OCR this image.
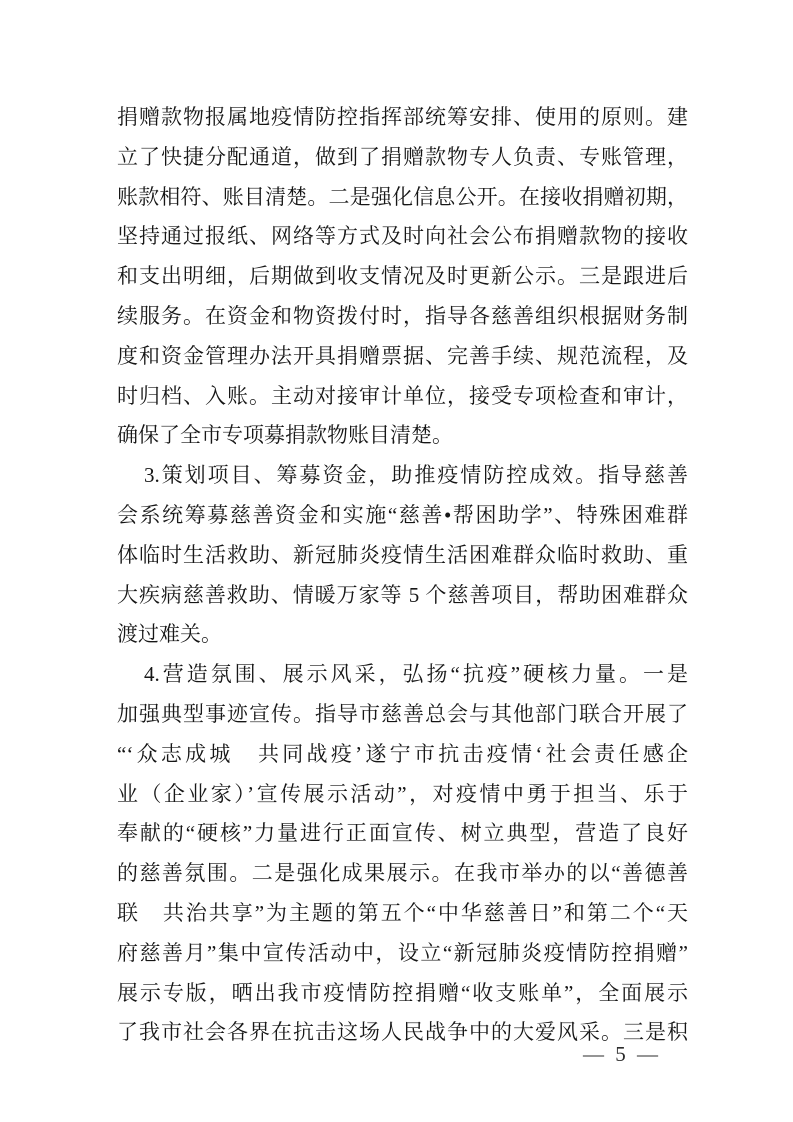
捐赠款物报属地疫情防控指挥部统筹安排、使用的原则。建
立了快捷分配通道，做到了捐赠款物专人负责、专账管理，
账款相符、账目清楚。二是强化信息公开。在接收捐赠初期，
坚持通过报纸、网络等方式及时向社会公布捐赠款物的接收
和支出明细，后期做到收支情况及时更新公示。三是跟进后
续服务。在资金和物资拨付时，指导各慈善组织根据财务制
度和资金管理办法开具捐赠票据、完善手续、规范流程，及
时归档、入账。主动对接审计单位，接受专项检查和审计，
确保了全市专项募捐款物账目清楚。
3.策划项目、筹募资金，助推疫情防控成效。指导慈善
会系统筹募慈善资金和实施“慈善•帮困助学”、特殊困难群
体临时生活救助、新冠肺炎疫情生活困难群众临时救助、重
大疾病慈善救助、情暖万家等 5 个慈善项目，帮助困难群众
渡过难关。
4.营造氛围、展示风采，弘扬“抗疫”硬核力量。一是
加强典型事迹宣传。指导市慈善总会与其他部门联合开展了
“‘众志成城　共同战疫’遂宁市抗击疫情‘社会责任感企
业（企业家）’宣传展示活动”，对疫情中勇于担当、乐于
奉献的“硬核”力量进行正面宣传、树立典型，营造了良好
的慈善氛围。二是强化成果展示。在我市举办的以“善德善
联　共治共享”为主题的第五个“中华慈善日”和第二个“天
府慈善月”集中宣传活动中，设立“新冠肺炎疫情防控捐赠”
展示专版，晒出我市疫情防控捐赠“收支账单”，全面展示
了我市社会各界在抗击这场人民战争中的大爱风采。三是积
— 5 —
